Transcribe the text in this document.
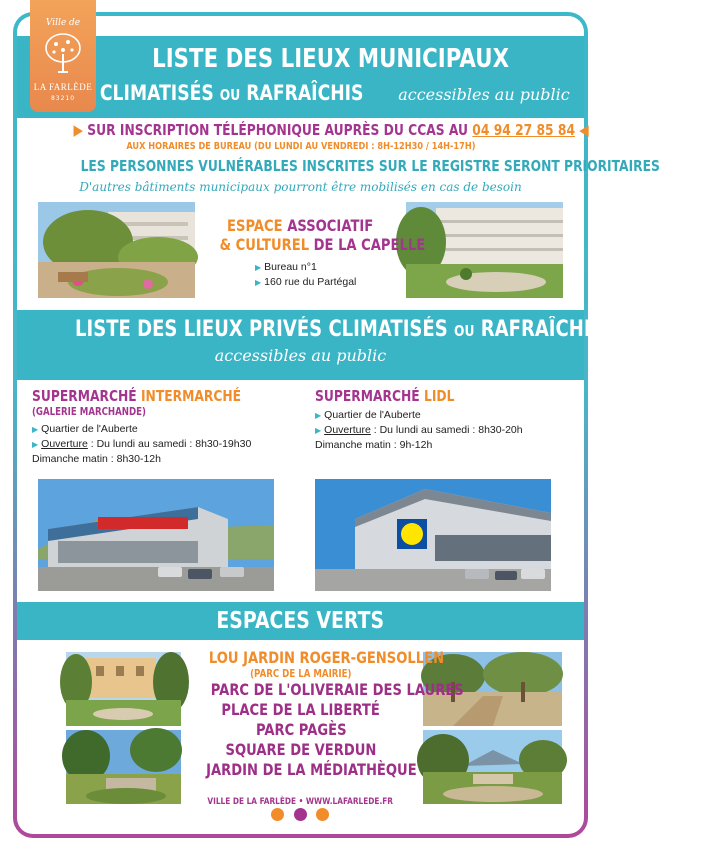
LISTE DES LIEUX MUNICIPAUX
CLIMATISÉS OU RAFRAÎCHIS accessibles au public
▶ SUR INSCRIPTION TÉLÉPHONIQUE AUPRÈS DU CCAS AU 04 94 27 85 84 ◀
AUX HORAIRES DE BUREAU (DU LUNDI AU VENDREDI : 8H-12H30 / 14H-17H)
LES PERSONNES VULNÉRABLES INSCRITES SUR LE REGISTRE SERONT PRIORITAIRES
D'autres bâtiments municipaux pourront être mobilisés en cas de besoin
ESPACE ASSOCIATIF
& CULTUREL DE LA CAPELLE
▶ Bureau n°1
▶ 160 rue du Partégal
LISTE DES LIEUX PRIVÉS CLIMATISÉS OU RAFRAÎCHIS
accessibles au public
SUPERMARCHÉ INTERMARCHÉ
(GALERIE MARCHANDE)
▶ Quartier de l'Auberte
▶ Ouverture : Du lundi au samedi : 8h30-19h30
Dimanche matin : 8h30-12h
SUPERMARCHÉ LIDL
▶ Quartier de l'Auberte
▶ Ouverture : Du lundi au samedi : 8h30-20h
Dimanche matin : 9h-12h
ESPACES VERTS
LOU JARDIN ROGER-GENSOLLEN
(PARC DE LA MAIRIE)
PARC DE L'OLIVERAIE DES LAURES
PLACE DE LA LIBERTÉ
PARC PAGÈS
SQUARE DE VERDUN
JARDIN DE LA MÉDIATHÈQUE
VILLE DE LA FARLÈDE • WWW.LAFARLEDE.FR

Ville de
LA FARLÈDE
83210
